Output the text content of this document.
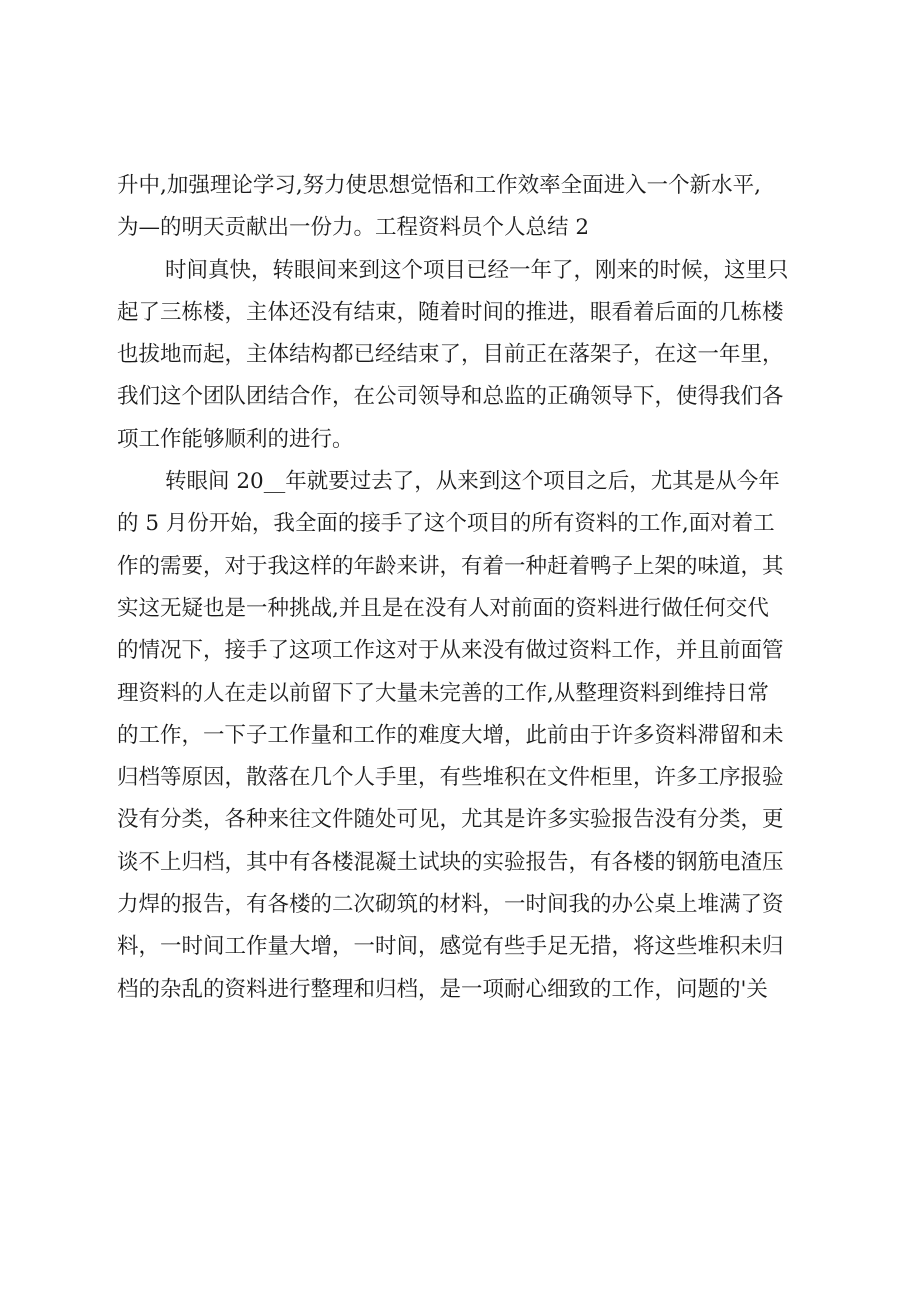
升中,加强理论学习,努力使思想觉悟和工作效率全面进入一个新水平,
为—的明天贡献出一份力。工程资料员个人总结 2
时间真快，转眼间来到这个项目已经一年了，刚来的时候，这里只
起了三栋楼，主体还没有结束，随着时间的推进，眼看着后面的几栋楼
也拔地而起，主体结构都已经结束了，目前正在落架子，在这一年里，
我们这个团队团结合作，在公司领导和总监的正确领导下，使得我们各
项工作能够顺利的进行。
转眼间 20__年就要过去了，从来到这个项目之后，尤其是从今年
的 5 月份开始，我全面的接手了这个项目的所有资料的工作,面对着工
作的需要，对于我这样的年龄来讲，有着一种赶着鸭子上架的味道，其
实这无疑也是一种挑战,并且是在没有人对前面的资料进行做任何交代
的情况下，接手了这项工作这对于从来没有做过资料工作，并且前面管
理资料的人在走以前留下了大量未完善的工作,从整理资料到维持日常
的工作，一下子工作量和工作的难度大增，此前由于许多资料滞留和未
归档等原因，散落在几个人手里，有些堆积在文件柜里，许多工序报验
没有分类，各种来往文件随处可见，尤其是许多实验报告没有分类，更
谈不上归档，其中有各楼混凝土试块的实验报告，有各楼的钢筋电渣压
力焊的报告，有各楼的二次砌筑的材料，一时间我的办公桌上堆满了资
料，一时间工作量大增，一时间，感觉有些手足无措，将这些堆积未归
档的杂乱的资料进行整理和归档，是一项耐心细致的工作，问题的'关
